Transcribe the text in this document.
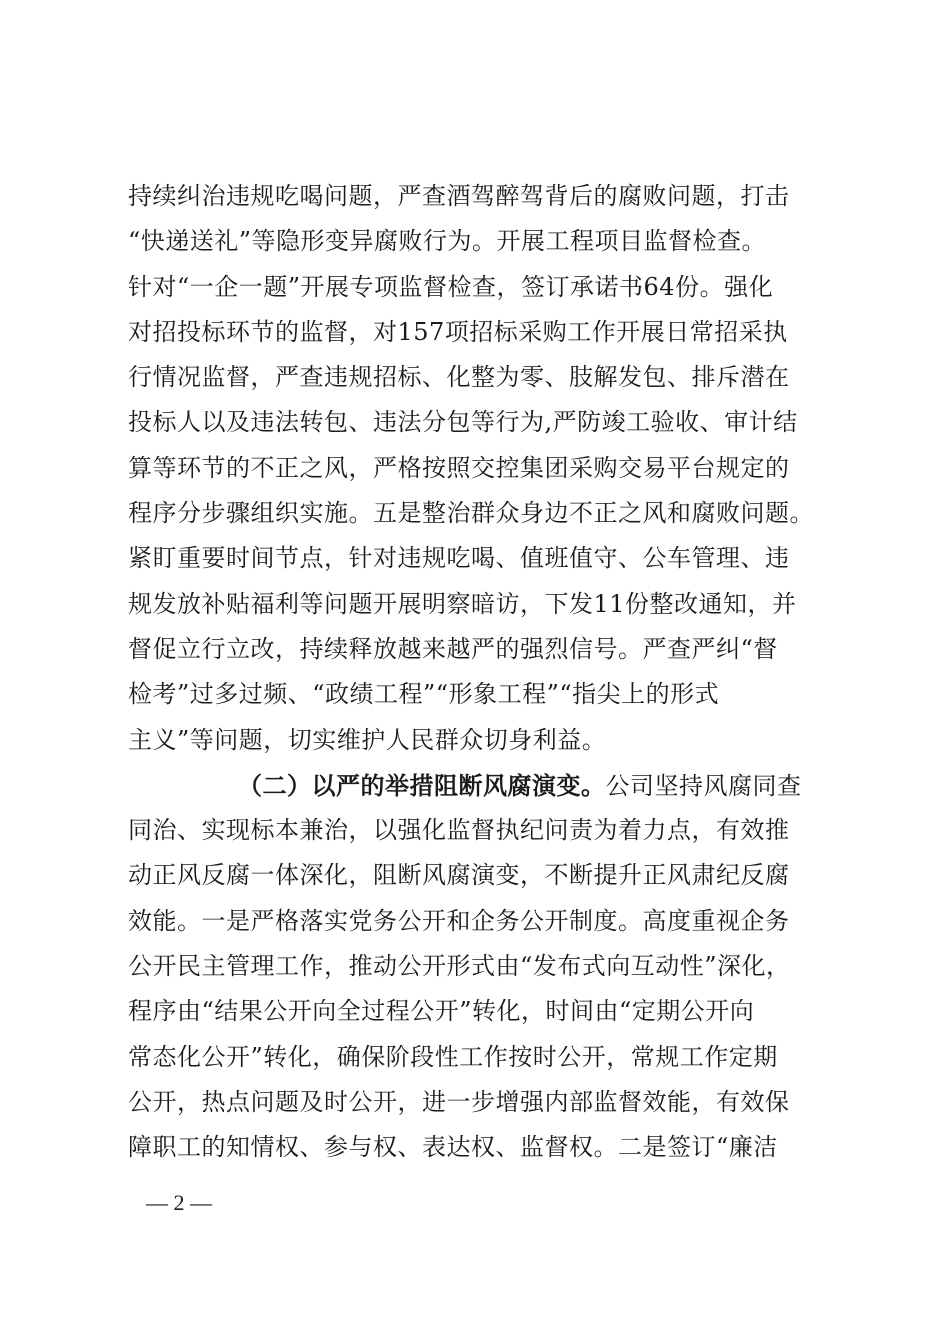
持续纠治违规吃喝问题，严查酒驾醉驾背后的腐败问题，打击
“快递送礼”等隐形变异腐败行为。开展工程项目监督检查。
针对“一企一题”开展专项监督检查，签订承诺书64份。强化
对招投标环节的监督，对157项招标采购工作开展日常招采执
行情况监督，严查违规招标、化整为零、肢解发包、排斥潜在
投标人以及违法转包、违法分包等行为,严防竣工验收、审计结
算等环节的不正之风，严格按照交控集团采购交易平台规定的
程序分步骤组织实施。五是整治群众身边不正之风和腐败问题。
紧盯重要时间节点，针对违规吃喝、值班值守、公车管理、违
规发放补贴福利等问题开展明察暗访，下发11份整改通知，并
督促立行立改，持续释放越来越严的强烈信号。严查严纠“督
检考”过多过频、“政绩工程”“形象工程”“指尖上的形式
主义”等问题，切实维护人民群众切身利益。
（二）以严的举措阻断风腐演变。公司坚持风腐同查
同治、实现标本兼治，以强化监督执纪问责为着力点，有效推
动正风反腐一体深化，阻断风腐演变，不断提升正风肃纪反腐
效能。一是严格落实党务公开和企务公开制度。高度重视企务
公开民主管理工作，推动公开形式由“发布式向互动性”深化，
程序由“结果公开向全过程公开”转化，时间由“定期公开向
常态化公开”转化，确保阶段性工作按时公开，常规工作定期
公开，热点问题及时公开，进一步增强内部监督效能，有效保
障职工的知情权、参与权、表达权、监督权。二是签订“廉洁
— 2 —
